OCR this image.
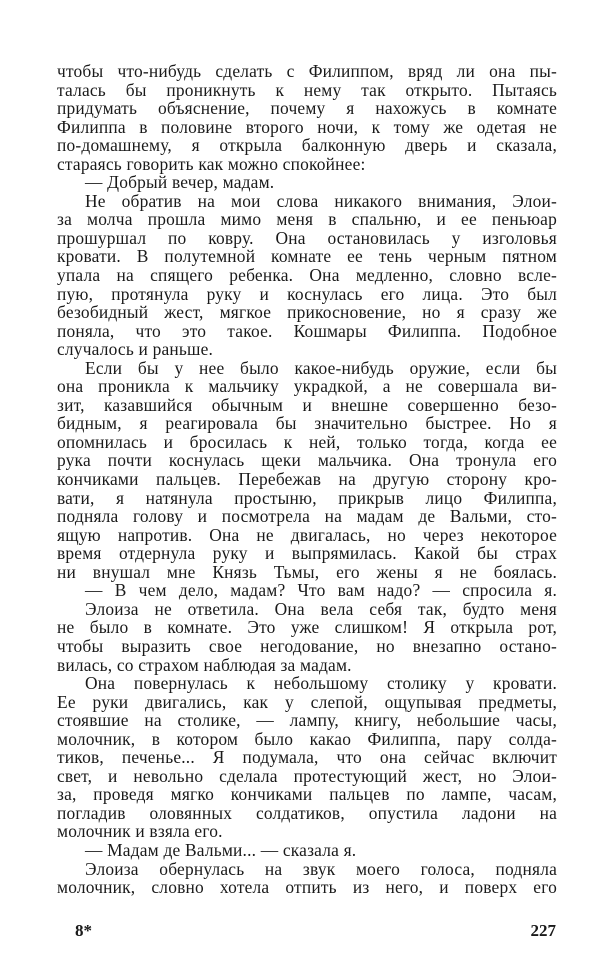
чтобы что-нибудь сделать с Филиппом, вряд ли она пы-
талась бы проникнуть к нему так открыто. Пытаясь
придумать объяснение, почему я нахожусь в комнате
Филиппа в половине второго ночи, к тому же одетая не
по-домашнему, я открыла балконную дверь и сказала,
стараясь говорить как можно спокойнее:
— Добрый вечер, мадам.
Не обратив на мои слова никакого внимания, Элои-
за молча прошла мимо меня в спальню, и ее пеньюар
прошуршал по ковру. Она остановилась у изголовья
кровати. В полутемной комнате ее тень черным пятном
упала на спящего ребенка. Она медленно, словно всле-
пую, протянула руку и коснулась его лица. Это был
безобидный жест, мягкое прикосновение, но я сразу же
поняла, что это такое. Кошмары Филиппа. Подобное
случалось и раньше.
Если бы у нее было какое-нибудь оружие, если бы
она проникла к мальчику украдкой, а не совершала ви-
зит, казавшийся обычным и внешне совершенно безо-
бидным, я реагировала бы значительно быстрее. Но я
опомнилась и бросилась к ней, только тогда, когда ее
рука почти коснулась щеки мальчика. Она тронула его
кончиками пальцев. Перебежав на другую сторону кро-
вати, я натянула простыню, прикрыв лицо Филиппа,
подняла голову и посмотрела на мадам де Вальми, сто-
ящую напротив. Она не двигалась, но через некоторое
время отдернула руку и выпрямилась. Какой бы страх
ни внушал мне Князь Тьмы, его жены я не боялась.
— В чем дело, мадам? Что вам надо? — спросила я.
Элоиза не ответила. Она вела себя так, будто меня
не было в комнате. Это уже слишком! Я открыла рот,
чтобы выразить свое негодование, но внезапно остано-
вилась, со страхом наблюдая за мадам.
Она повернулась к небольшому столику у кровати.
Ее руки двигались, как у слепой, ощупывая предметы,
стоявшие на столике, — лампу, книгу, небольшие часы,
молочник, в котором было какао Филиппа, пару солда-
тиков, печенье... Я подумала, что она сейчас включит
свет, и невольно сделала протестующий жест, но Элои-
за, проведя мягко кончиками пальцев по лампе, часам,
погладив оловянных солдатиков, опустила ладони на
молочник и взяла его.
— Мадам де Вальми... — сказала я.
Элоиза обернулась на звук моего голоса, подняла
молочник, словно хотела отпить из него, и поверх его
8*	227
